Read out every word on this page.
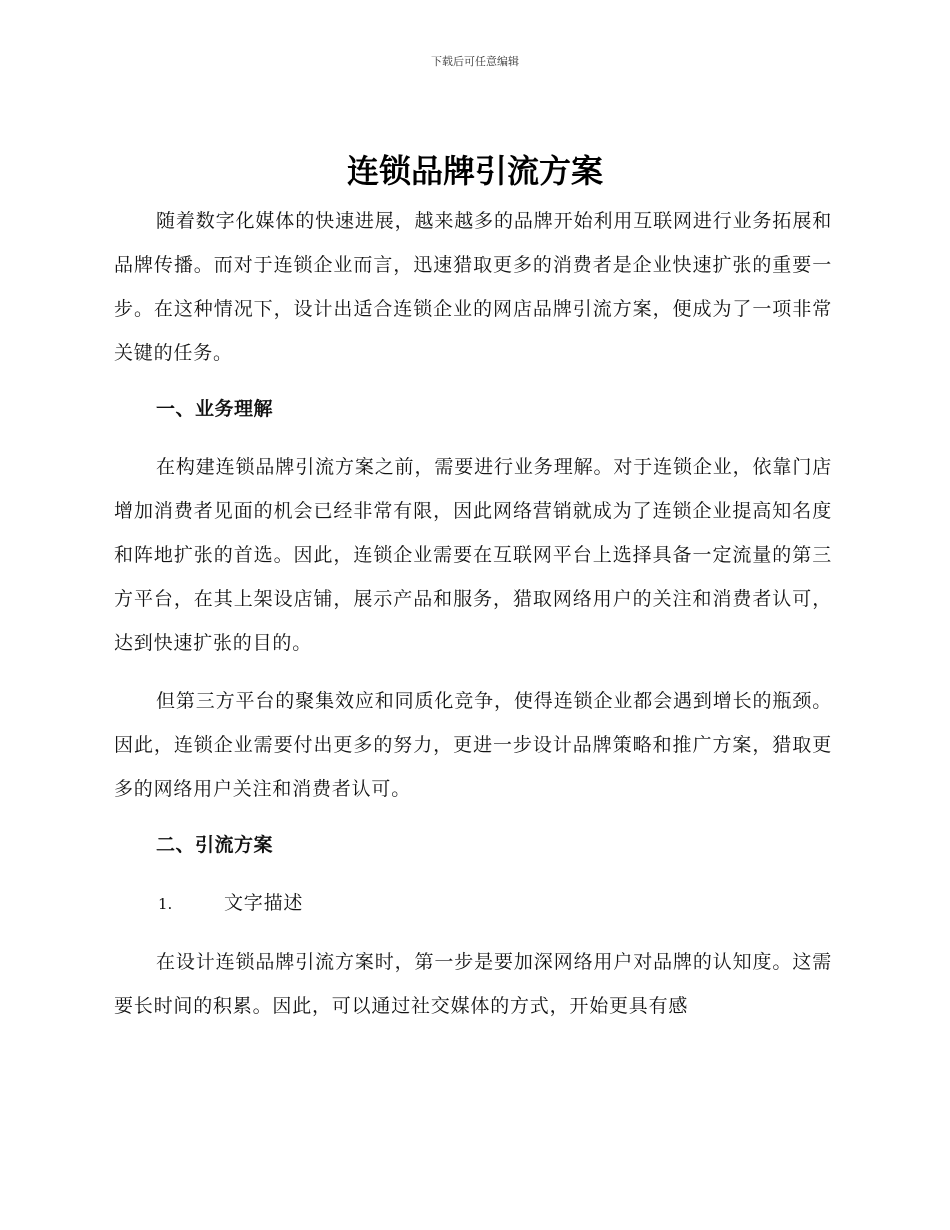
下载后可任意编辑
连锁品牌引流方案

随着数字化媒体的快速进展，越来越多的品牌开始利用互联网进行业务拓展和品牌传播。而对于连锁企业而言，迅速猎取更多的消费者是企业快速扩张的重要一步。在这种情况下，设计出适合连锁企业的网店品牌引流方案，便成为了一项非常关键的任务。

一、业务理解

在构建连锁品牌引流方案之前，需要进行业务理解。对于连锁企业，依靠门店增加消费者见面的机会已经非常有限，因此网络营销就成为了连锁企业提高知名度和阵地扩张的首选。因此，连锁企业需要在互联网平台上选择具备一定流量的第三方平台，在其上架设店铺，展示产品和服务，猎取网络用户的关注和消费者认可，达到快速扩张的目的。

但第三方平台的聚集效应和同质化竞争，使得连锁企业都会遇到增长的瓶颈。因此，连锁企业需要付出更多的努力，更进一步设计品牌策略和推广方案，猎取更多的网络用户关注和消费者认可。

二、引流方案

1.	文字描述

在设计连锁品牌引流方案时，第一步是要加深网络用户对品牌的认知度。这需要长时间的积累。因此，可以通过社交媒体的方式，开始更具有感
